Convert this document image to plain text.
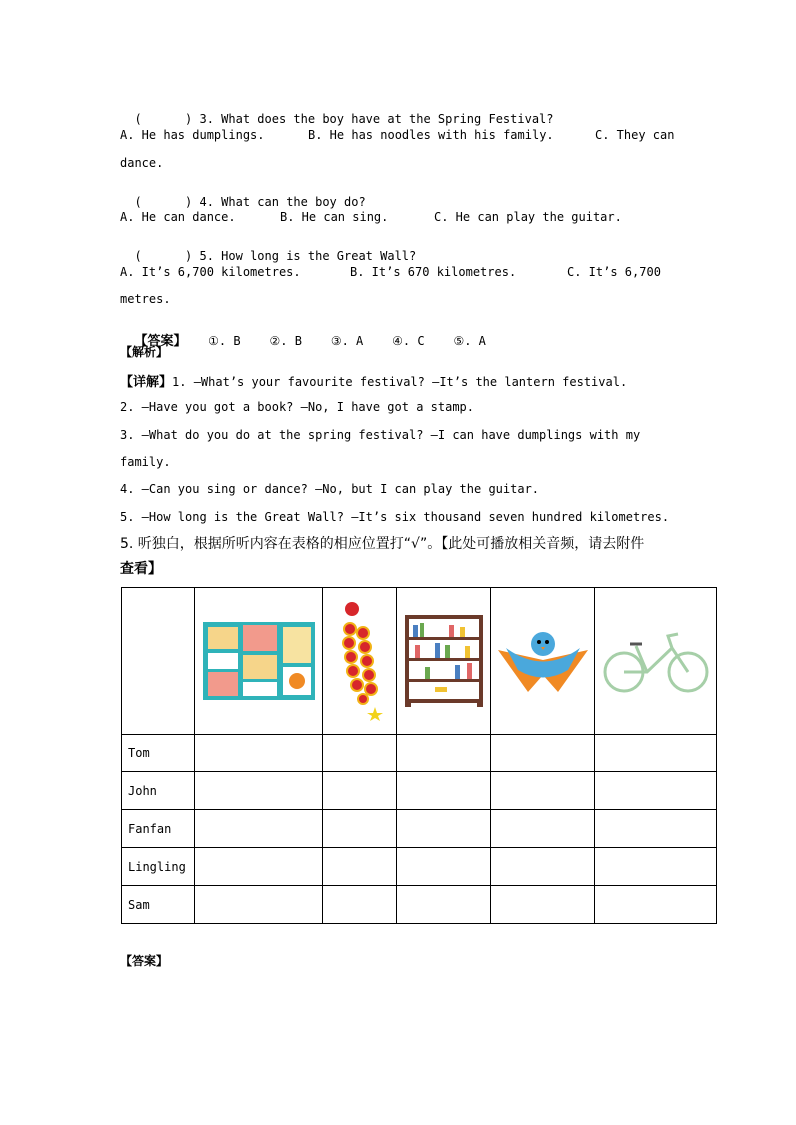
(      ) 3. What does the boy have at the Spring Festival?

A. He has dumplings.	B. He has noodles with his family.	C. They can
dance.

(      ) 4. What can the boy do?

A. He can dance.	B. He can sing.	C. He can play the guitar.

(      ) 5. How long is the Great Wall?

A. It’s 6,700 kilometres.	B. It’s 670 kilometres.	C. It’s 6,700
metres.

【答案】 ①. B    ②. B    ③. A    ④. C    ⑤. A

【解析】
【详解】1. —What’s your favourite festival? —It’s the lantern festival.
2. —Have you got a book? —No, I have got a stamp.
3. —What do you do at the spring festival? —I can have dumplings with my
family.
4. —Can you sing or dance? —No, but I can play the guitar.
5. —How long is the Great Wall? —It’s six thousand seven hundred kilometres.
5. 听独白，根据所听内容在表格的相应位置打“√”。【此处可播放相关音频，请去附件
查看】

Tom					
John					
Fanfan					
Lingling					
Sam					
【答案】
